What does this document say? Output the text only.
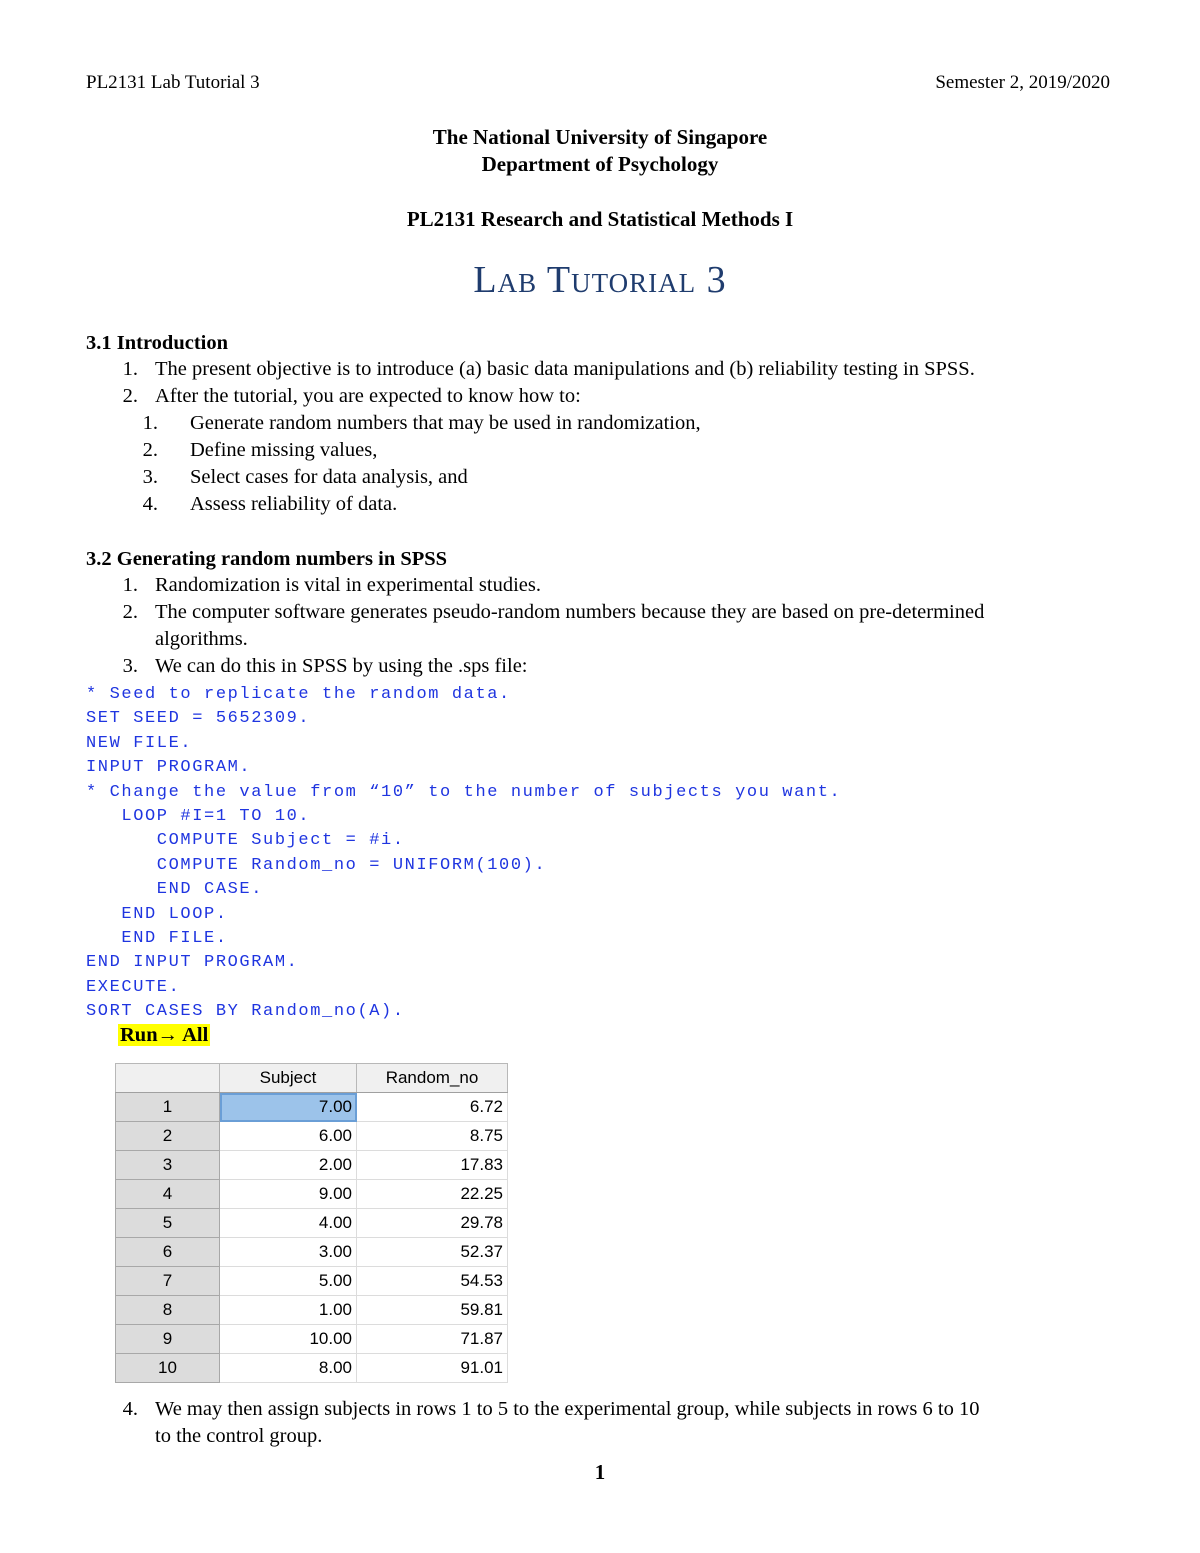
PL2131 Lab Tutorial 3	Semester 2, 2019/2020
The National University of Singapore
Department of Psychology
PL2131 Research and Statistical Methods I
Lab Tutorial 3
3.1 Introduction
1. The present objective is to introduce (a) basic data manipulations and (b) reliability testing in SPSS.
2. After the tutorial, you are expected to know how to:
1. Generate random numbers that may be used in randomization,
2. Define missing values,
3. Select cases for data analysis, and
4. Assess reliability of data.
3.2 Generating random numbers in SPSS
1. Randomization is vital in experimental studies.
2. The computer software generates pseudo-random numbers because they are based on pre-determined
algorithms.
3. We can do this in SPSS by using the .sps file:
* Seed to replicate the random data.
SET SEED = 5652309.
NEW FILE.
INPUT PROGRAM.
* Change the value from “10” to the number of subjects you want.
LOOP #I=1 TO 10.
COMPUTE Subject = #i.
COMPUTE Random_no = UNIFORM(100).
END CASE.
END LOOP.
END FILE.
END INPUT PROGRAM.
EXECUTE.
SORT CASES BY Random_no(A).
Run→ All
	Subject	Random_no
1	7.00	6.72
2	6.00	8.75
3	2.00	17.83
4	9.00	22.25
5	4.00	29.78
6	3.00	52.37
7	5.00	54.53
8	1.00	59.81
9	10.00	71.87
10	8.00	91.01
4. We may then assign subjects in rows 1 to 5 to the experimental group, while subjects in rows 6 to 10
to the control group.
1
